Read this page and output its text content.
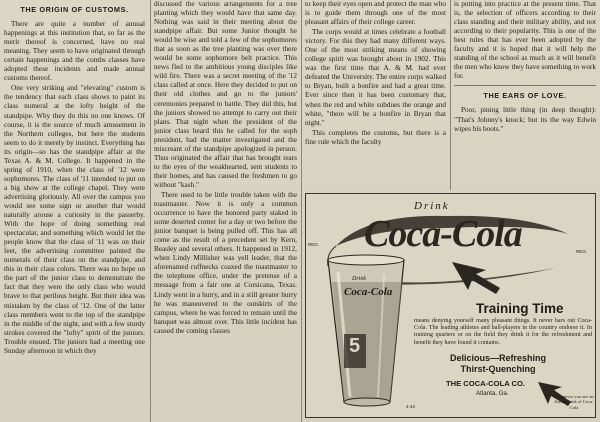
THE ORIGIN OF CUSTOMS.

There are quite a number of annual happenings at this institution that, so far as the merit thereof is concerned, have no real meaning. They seem to have originated through certain happenings and the combs classes have adopted these incidents and made annual customs thereof.

One very striking and "elevating" custom is the tendency that each class shows to paint its class numeral at the lofty height of the standpipe. Why they do this no one knows. Of course, it is the source of much amusement in the Northern colleges, but here the students seem to do it merely by instinct. Everything has its origin—so has the standpipe affair at the Texas A. & M. College. It happened in the spring of 1910, when the class of '12 were sophomores. The class of '11 intended to put on a big show at the college chapel. They were advertising gloriously. All over the campus you would see some sign or another that would naturally arouse a curiosity in the passerby. With the hope of doing something real spectacular, and something which would let the people know that the class of '11 was on their feet, the advertising committee painted the numerals of their class on the standpipe, and this in their class colors. There was no hope on the part of the junior class to demonstrate the fact that they were the only class who would brave to that perilous height. But their idea was mistaken by the class of '12. One of the latter class members went to the top of the standpipe in the middle of the night, and with a few sturdy strokes covered the "lofty" spirit of the juniors. Trouble ensued. The juniors had a meeting one Sunday afternoon in which they

discussed the various arrangements for a tree planting which they would have that same day. Nothing was said in their meeting about the standpipe affair. But some Junior thought he would be wise and told a few of the sophomores that as soon as the tree planting was over there would be some sophomore belt practice. This news fled to the ambitious young disciples like wild fire. There was a secret meeting of the '12 class called at once. Here they decided to put on their old clothes and go to the juniors' ceremonies prepared to battle. They did this, but the juniors showed no attempt to carry out their plans. That night when the president of the junior class heard this he called for the soph president, had the matter investigated and the miscreant of the standpipe apologized in person. Thus originated the affair that has brought tears to the eyes of the weakhearted, sent students to their homes, and has caused the freshmen to go without "kash."

There used to be little trouble taken with the toastmaster. Now it is only a common occurrence to have the honored party staked in some deserted corner for a day or two before the junior banquet is being pulled off. This has all come as the result of a precedent set by Kern, Beasley and several others. It happened in 1912, when Lindy Millisher was yell leader, that the aforenamed ruffnecks coaxed the toastmaster to the telephone office, under the pretense of a message from a fair one at Corsicana, Texas. Lindy went in a hurry, and in a still greater hurry he was maneuvered to the outskirts of the campus, where he was forced to remain until the banquet was almost over. This little incident has caused the coming classes

to keep their eyes open and protect the man who is to guide them through one of the most pleasant affairs of their college career.

The corps would at times celebrate a football victory. For this they had many different ways. One of the most striking means of showing college spirit was brought about in 1902. This was the first time that A. & M. had ever defeated the University. The entire corps walked to Bryan, built a bonfire and had a great time. Ever since then it has been customary that, when the red and white subdues the orange and white, "there will be a bonfire in Bryan that night."

This completes the customs, but there is a fine rule which the faculty

is putting into practice at the present time. That is, the selection of officers according to their class standing and their military ability, and not according to their popularity. This is one of the best rules that has ever been adopted by the faculty and it is hoped that it will help the standing of the school as much as it will benefit the men who know they have something to work for.

THE EARS OF LOVE.

Poor, pining little thing (in deep thought): "That's Johnny's knock; but its the way Edwin wipes his boots."

Drink
Coca-Cola
REG.
REG.
Drink
Coca-Cola
5
Training Time
means denying yourself many pleasant things. It never bars out Coca-Cola. The leading athletes and ball-players in the country endorse it. In training quarters or on the field they drink it for the refreshment and benefit they have found it contains.
Delicious—Refreshing
Thirst-Quenching
THE COCA-COLA CO.
Atlanta, Ga.	Whenever you see an Arrow think of Coca-Cola
4-42
